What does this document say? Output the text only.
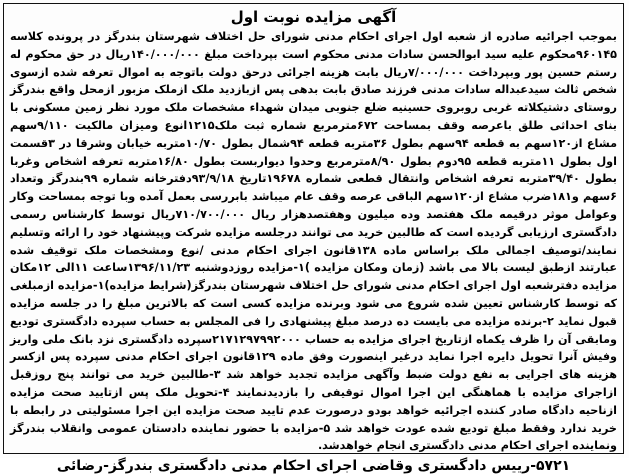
آگهی مزایده نوبت اول

بموجب اجرائیه صادره از شعبه اول اجرای احکام مدنی شورای حل اختلاف شهرستان بندرگز در پرونده کلاسه ۹۶۰۱۴۵محکوم علیه سید ابوالحسن سادات مدنی محکوم است بپرداخت مبلغ ۱۴۰/۰۰۰/۰۰۰ریال در حق محکوم له رستم حسین پور وبپرداخت ۷/۰۰۰/۰۰۰ریال بابت هزینه اجرائی درحق دولت باتوجه به اموال تعرفه شده ازسوی شخص ثالث سیدعبداله سادات مدنی فرزند صادق بابت بدهی پس ازبازدید ملک ازملک مزبور ازمحل واقع بندرگز روستای دشتیکلاته غربی روبروی حسینیه ضلع جنوبی میدان شهداء مشخصات ملک مورد نظر زمین مسکونی با بنای احداثی طلق باعرصه وقف بمساحت ۶۷۲مترمربع شماره ثبت ملک۱۲۱۵انوع ومیزان مالکیت ۹/۱۱۰سهم مشاع از۱۲۰سهم به قطعه ۹۴سهم بطول ۳۶متربه قطعه ۹۴شمال بطول ۱۰/۷۰متربه خیابان وشرقا در ۳قسمت اول بطول ۱۱متربه قطعه ۹۵دوم بطول ۸/۹۰مترمربع وحدوا دیواربست بطول ۱۶/۸۰متربه تعرفه اشخاص وغربا بطول ۳۹/۴۰متربه تعرفه اشخاص وانتقال قطعی شماره ۱۹۶۷۸تاریخ ۹۳/۹/۱۸دفترخانه شماره ۹۹بندرگز وتعداد ۶سهم و۱۸۱ضرب مشاع از۱۲۰سهم الباقی عرصه وقف عام میباشد بابررسی بعمل آمده وبا توجه بمساحت وکار وعوامل موثر درقیمه ملک هفتصد وده میلیون وهفتصدهزار ریال ۷۱۰/۷۰۰/۰۰۰ریال توسط کارشناس رسمی دادگستری ارزیابی گردیده است که طالبین خرید می توانند درجلسه مزایده شرکت وپیشنهاد خود را ارائه وتسلیم نمایند/توصیف اجمالی ملک براساس ماده ۱۳۸قانون اجرای احکام مدنی /نوع ومشخصات ملک توقیف شده عبارتند ازطبق لیست بالا می باشد (زمان ومکان مزایده )۱-مزایده روزدوشنبه ۱۳۹۶/۱۱/۲۳ساعت ۱۱الی ۱۲مکان مزایده دفترشعبه اول اجرای احکام مدنی شورای حل اختلاف شهرستان بندرگز(شرایط مزایده)۱-مزایده ازمبلغی که توسط کارشناس تعیین شده شروع می شود وبرنده مزایده کسی است که بالاترین مبلغ را در جلسه مزایده قبول نماید ۲-برنده مزایده می بایست ده درصد مبلغ پیشنهادی را فی المجلس به حساب سپرده دادگستری تودیع ومابقی آن را ظرف یکماه ازتاریخ اجرای مزایده به حساب ۲۱۷۱۲۹۷۹۹۲۰۰۰سپرده دادگستری نزد بانک ملی واریز وفیش آنرا تحویل دایره اجرا نماید درغیر اینصورت وفق ماده ۱۲۹قانون اجرای احکام مدنی سپرده پس ازکسر هزینه های اجرایی به نفع دولت ضبط وآگهی مزایده تجدید خواهد شد ۳-طالبین خرید می توانند پنج روزقبل ازاجرای مزایده با هماهنگی این اجرا اموال توقیفی را بازدیدنمایند ۴-تحویل ملک پس ازتایید صحت مزایده ازناحیه دادگاه صادر کننده اجرائیه خواهد بودو درصورت عدم تایید صحت مزایده این اجرا مسئولیتی در رابطه با خرید ندارد وفقط مبلغ تودیع شده عودت خواهد شد ۵-مزایده با حضور نماینده دادستان عمومی وانقلاب بندرگز ونماینده اجرای احکام مدنی دادگستری انجام خواهدشد.

۵۷۲۱-رییس دادگستری وقاضی اجرای احکام مدنی دادگستری بندرگز-رضائی
